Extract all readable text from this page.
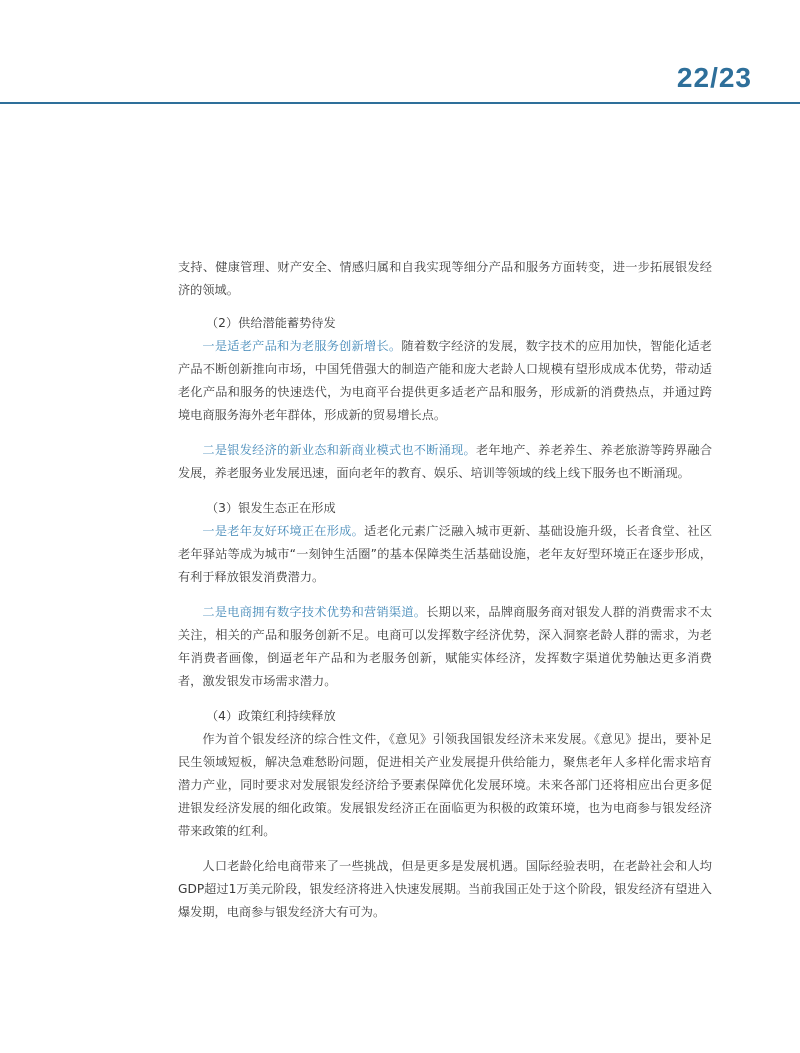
22/23

支持、健康管理、财产安全、情感归属和自我实现等细分产品和服务方面转变，进一步拓展银发经济的领域。

（2）供给潜能蓄势待发

一是适老产品和为老服务创新增长。随着数字经济的发展，数字技术的应用加快，智能化适老产品不断创新推向市场，中国凭借强大的制造产能和庞大老龄人口规模有望形成成本优势，带动适老化产品和服务的快速迭代，为电商平台提供更多适老产品和服务，形成新的消费热点，并通过跨境电商服务海外老年群体，形成新的贸易增长点。

二是银发经济的新业态和新商业模式也不断涌现。老年地产、养老养生、养老旅游等跨界融合发展，养老服务业发展迅速，面向老年的教育、娱乐、培训等领域的线上线下服务也不断涌现。

（3）银发生态正在形成

一是老年友好环境正在形成。适老化元素广泛融入城市更新、基础设施升级，长者食堂、社区老年驿站等成为城市“一刻钟生活圈”的基本保障类生活基础设施，老年友好型环境正在逐步形成，有利于释放银发消费潜力。

二是电商拥有数字技术优势和营销渠道。长期以来，品牌商服务商对银发人群的消费需求不太关注，相关的产品和服务创新不足。电商可以发挥数字经济优势，深入洞察老龄人群的需求，为老年消费者画像，倒逼老年产品和为老服务创新，赋能实体经济，发挥数字渠道优势触达更多消费者，激发银发市场需求潜力。

（4）政策红利持续释放

作为首个银发经济的综合性文件，《意见》引领我国银发经济未来发展。《意见》提出，要补足民生领域短板，解决急难愁盼问题，促进相关产业发展提升供给能力，聚焦老年人多样化需求培育潜力产业，同时要求对发展银发经济给予要素保障优化发展环境。未来各部门还将相应出台更多促进银发经济发展的细化政策。发展银发经济正在面临更为积极的政策环境，也为电商参与银发经济带来政策的红利。

人口老龄化给电商带来了一些挑战，但是更多是发展机遇。国际经验表明，在老龄社会和人均GDP超过1万美元阶段，银发经济将进入快速发展期。当前我国正处于这个阶段，银发经济有望进入爆发期，电商参与银发经济大有可为。
